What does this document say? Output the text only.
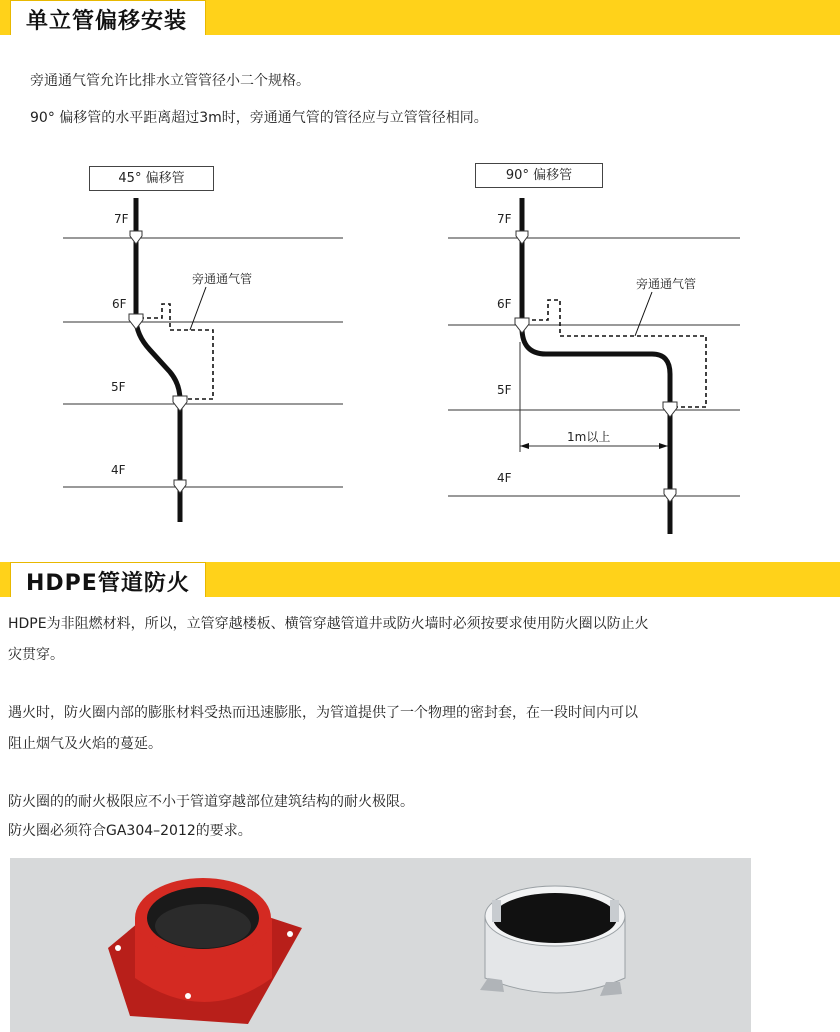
单立管偏移安装
旁通通气管允许比排水立管管径小二个规格。
90° 偏移管的水平距离超过3m时，旁通通气管的管径应与立管管径相同。
45° 偏移管
旁通通气管
7F
6F
5F
4F
90° 偏移管
旁通通气管
7F
6F
5F
4F
1m以上
HDPE管道防火
HDPE为非阻燃材料，所以，立管穿越楼板、横管穿越管道井或防火墙时必须按要求使用防火圈以防止火
灾贯穿。
遇火时，防火圈内部的膨胀材料受热而迅速膨胀，为管道提供了一个物理的密封套，在一段时间内可以
阻止烟气及火焰的蔓延。
防火圈的的耐火极限应不小于管道穿越部位建筑结构的耐火极限。
防火圈必须符合GA304–2012的要求。
